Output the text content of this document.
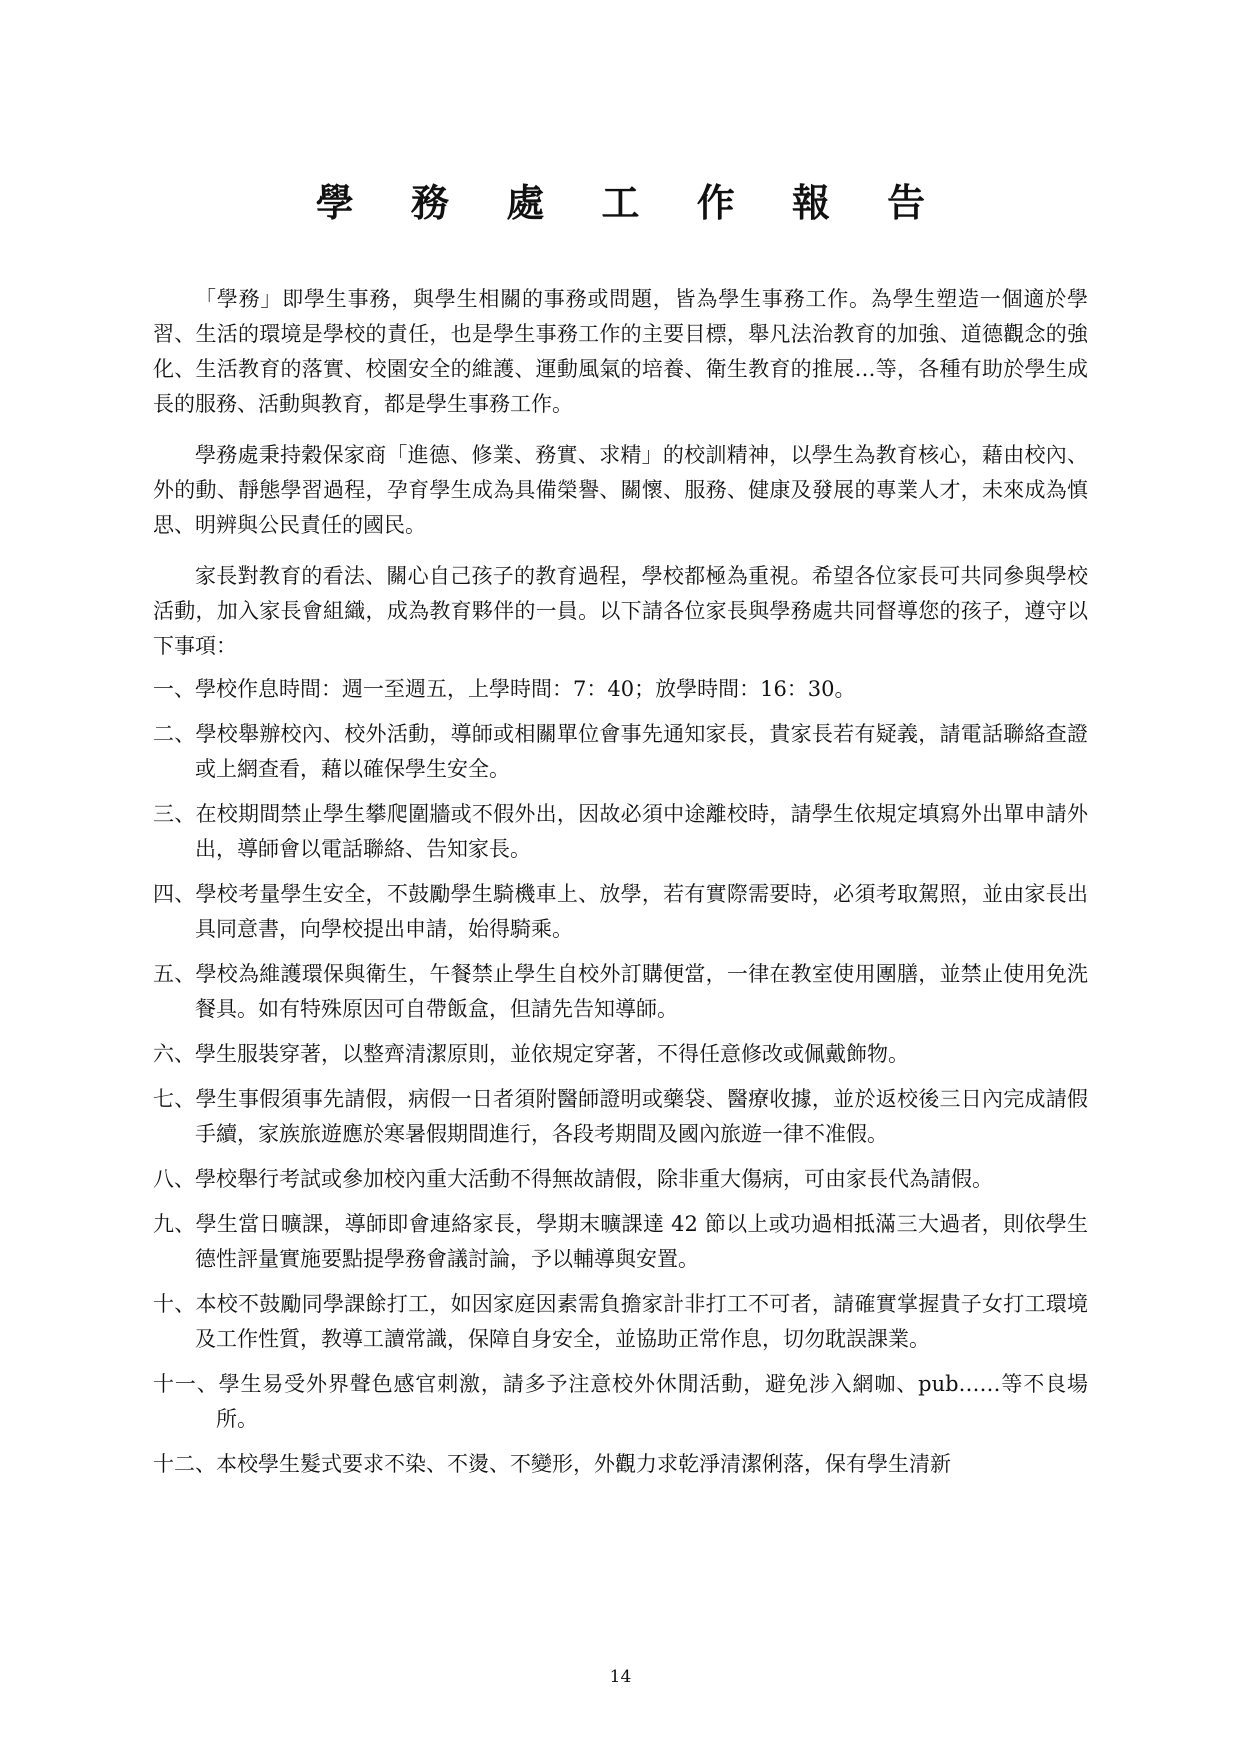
學 務 處 工 作 報 告

「學務」即學生事務，與學生相關的事務或問題，皆為學生事務工作。為學生塑造一個適於學習、生活的環境是學校的責任，也是學生事務工作的主要目標，舉凡法治教育的加強、道德觀念的強化、生活教育的落實、校園安全的維護、運動風氣的培養、衛生教育的推展…等，各種有助於學生成長的服務、活動與教育，都是學生事務工作。

學務處秉持穀保家商「進德、修業、務實、求精」的校訓精神，以學生為教育核心，藉由校內、外的動、靜態學習過程，孕育學生成為具備榮譽、關懷、服務、健康及發展的專業人才，未來成為慎思、明辨與公民責任的國民。

家長對教育的看法、關心自己孩子的教育過程，學校都極為重視。希望各位家長可共同參與學校活動，加入家長會組織，成為教育夥伴的一員。以下請各位家長與學務處共同督導您的孩子，遵守以下事項：

一、學校作息時間：週一至週五，上學時間：7：40；放學時間：16：30。
二、學校舉辦校內、校外活動，導師或相關單位會事先通知家長，貴家長若有疑義，請電話聯絡查證或上網查看，藉以確保學生安全。
三、在校期間禁止學生攀爬圍牆或不假外出，因故必須中途離校時，請學生依規定填寫外出單申請外出，導師會以電話聯絡、告知家長。
四、學校考量學生安全，不鼓勵學生騎機車上、放學，若有實際需要時，必須考取駕照，並由家長出具同意書，向學校提出申請，始得騎乘。
五、學校為維護環保與衛生，午餐禁止學生自校外訂購便當，一律在教室使用團膳，並禁止使用免洗餐具。如有特殊原因可自帶飯盒，但請先告知導師。
六、學生服裝穿著，以整齊清潔原則，並依規定穿著，不得任意修改或佩戴飾物。
七、學生事假須事先請假，病假一日者須附醫師證明或藥袋、醫療收據，並於返校後三日內完成請假手續，家族旅遊應於寒暑假期間進行，各段考期間及國內旅遊一律不准假。
八、學校舉行考試或參加校內重大活動不得無故請假，除非重大傷病，可由家長代為請假。
九、學生當日曠課，導師即會連絡家長，學期末曠課達 42 節以上或功過相抵滿三大過者，則依學生德性評量實施要點提學務會議討論，予以輔導與安置。
十、本校不鼓勵同學課餘打工，如因家庭因素需負擔家計非打工不可者，請確實掌握貴子女打工環境及工作性質，教導工讀常識，保障自身安全，並協助正常作息，切勿耽誤課業。
十一、學生易受外界聲色感官刺激，請多予注意校外休閒活動，避免涉入網咖、pub……等不良場所。
十二、本校學生髮式要求不染、不燙、不變形，外觀力求乾淨清潔俐落，保有學生清新
14
